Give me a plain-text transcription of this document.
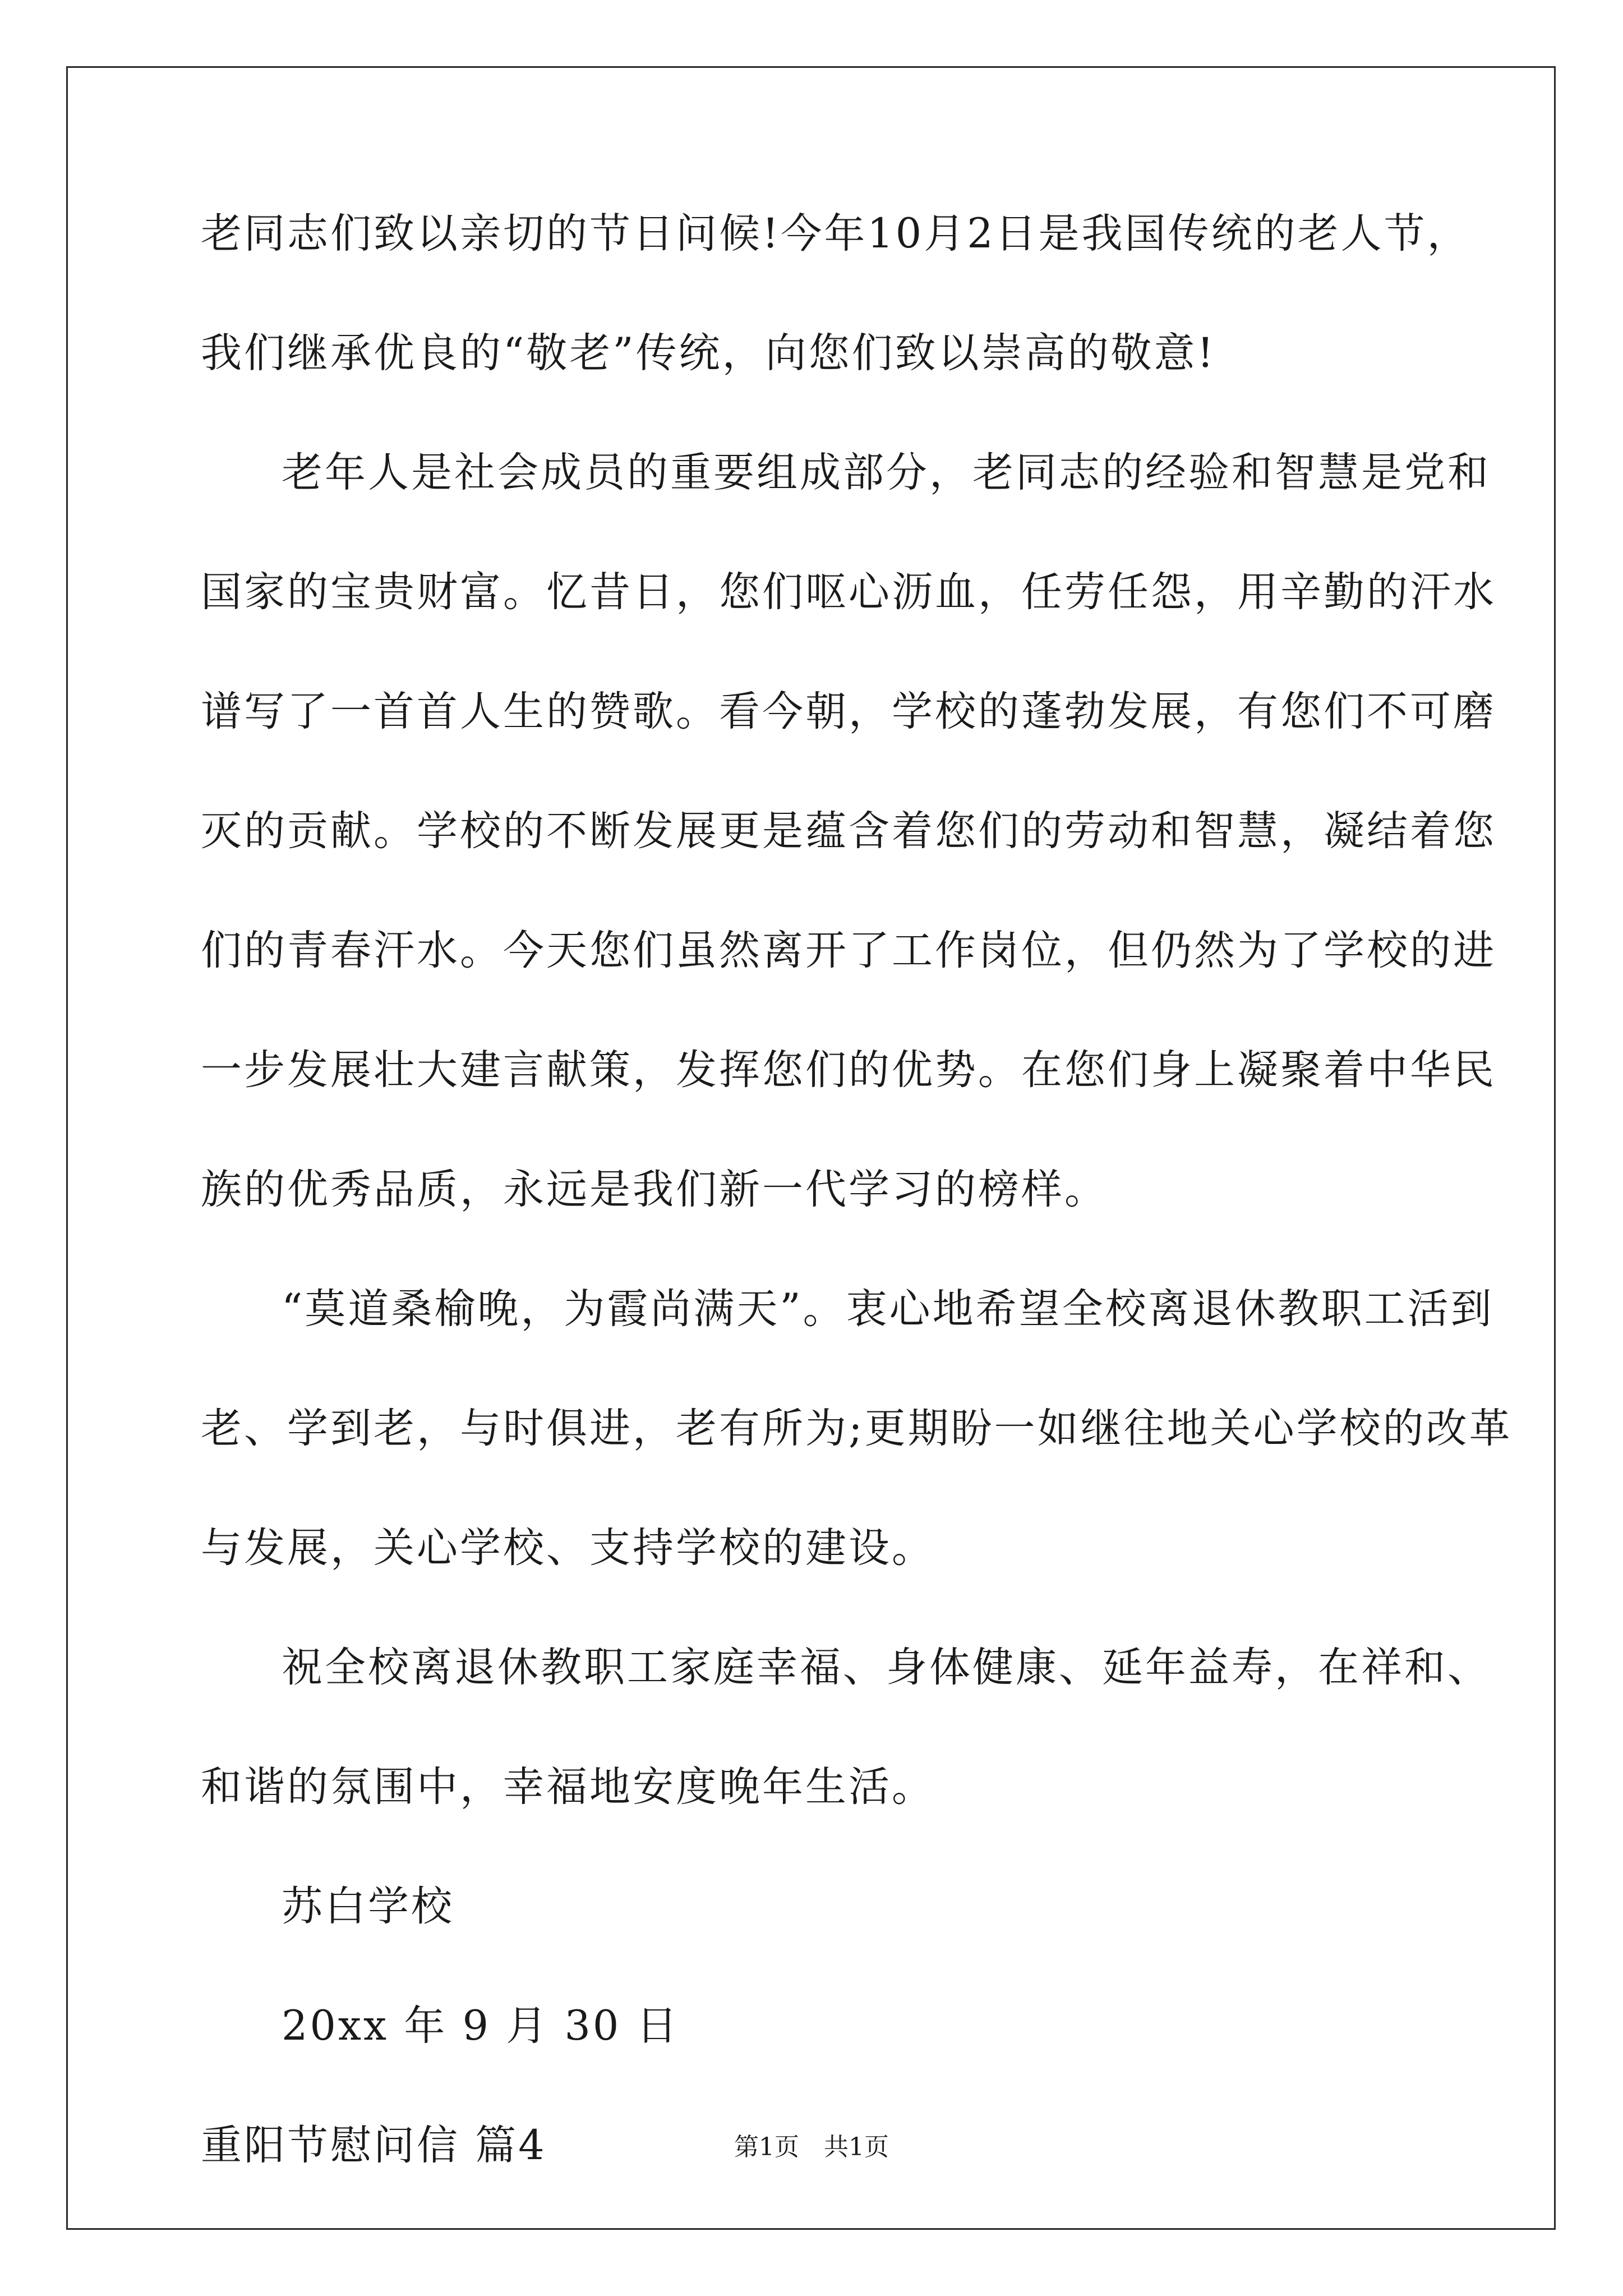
老同志们致以亲切的节日问候!今年10月2日是我国传统的老人节，
我们继承优良的“敬老”传统，向您们致以崇高的敬意!
老年人是社会成员的重要组成部分，老同志的经验和智慧是党和
国家的宝贵财富。忆昔日，您们呕心沥血，任劳任怨，用辛勤的汗水
谱写了一首首人生的赞歌。看今朝，学校的蓬勃发展，有您们不可磨
灭的贡献。学校的不断发展更是蕴含着您们的劳动和智慧，凝结着您
们的青春汗水。今天您们虽然离开了工作岗位，但仍然为了学校的进
一步发展壮大建言献策，发挥您们的优势。在您们身上凝聚着中华民
族的优秀品质，永远是我们新一代学习的榜样。
“莫道桑榆晚，为霞尚满天”。衷心地希望全校离退休教职工活到
老、学到老，与时俱进，老有所为;更期盼一如继往地关心学校的改革
与发展，关心学校、支持学校的建设。
祝全校离退休教职工家庭幸福、身体健康、延年益寿，在祥和、
和谐的氛围中，幸福地安度晚年生活。
苏白学校
20xx 年 9 月 30 日
重阳节慰问信 篇4	第1页　共1页
